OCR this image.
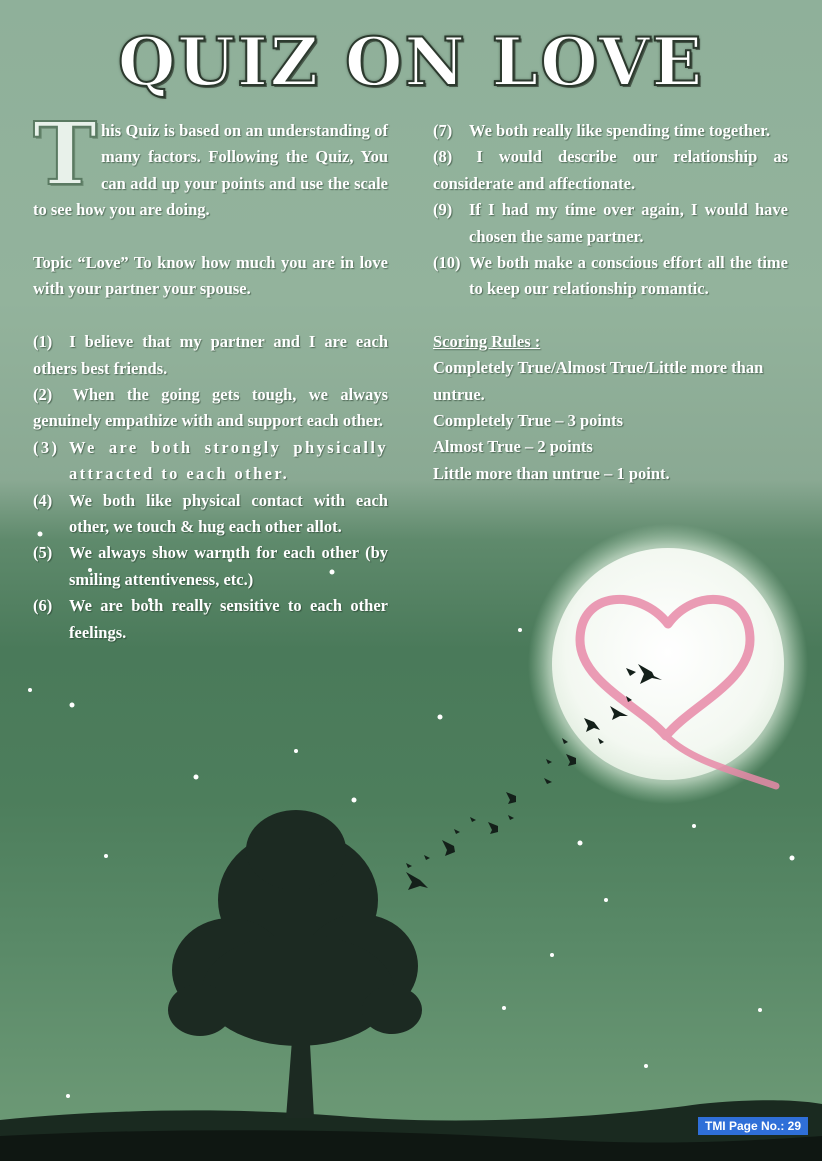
QUIZ ON LOVE
T his Quiz is based on an understanding of many factors. Following the Quiz, You can add up your points and use the scale to see how you are doing.

Topic “Love” To know how much you are in love with your partner your spouse.

(1) I believe that my partner and I are each others best friends.
(2) When the going gets tough, we always genuinely empathize with and support each other.
(3) We are both strongly physically attracted to each other.
(4)	We both like physical contact with each other, we touch & hug each other allot.
(5)	We always show warmth for each other (by smiling attentiveness, etc.)
(6)	We are both really sensitive to each other feelings.
(7)	We both really like spending time together.
(8) I would describe our relationship as considerate and affectionate.
(9)	If I had my time over again, I would have chosen the same partner.
(10) We both make a conscious effort all the time to keep our relationship romantic.
Scoring Rules :
Completely True/Almost True/Little more than untrue.
Completely True – 3 points
Almost True – 2 points
Little more than untrue – 1 point.
TMI Page No.: 29
